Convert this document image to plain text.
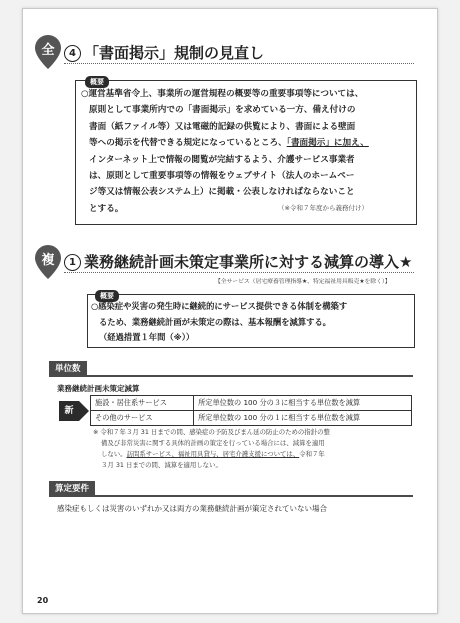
全	4 「書面掲示」規制の見直し
概要
○運営基準省令上、事業所の運営規程の概要等の重要事項等については、
原則として事業所内での「書面掲示」を求めている一方、備え付けの
書面（紙ファイル等）又は電磁的記録の供覧により、書面による壁面
等への掲示を代替できる規定になっているところ、「書面掲示」に加え、
インターネット上で情報の閲覧が完結するよう、介護サービス事業者
は、原則として重要事項等の情報をウェブサイト（法人のホームペー
ジ等又は情報公表システム上）に掲載・公表しなければならないこと
とする。	（※令和７年度から義務付け）
複	1 業務継続計画未策定事業所に対する減算の導入★
【全サービス（居宅療養管理指導★、特定福祉用具販売★を除く）】
概要
○感染症や災害の発生時に継続的にサービス提供できる体制を構築す
るため、業務継続計画が未策定の際は、基本報酬を減算する。
（経過措置１年間（※））
単位数
業務継続計画未策定減算
新
施設・居住系サービス	所定単位数の 100 分の３に相当する単位数を減算
その他のサービス	所定単位数の 100 分の１に相当する単位数を減算
※ 令和７年３月 31 日までの間、感染症の予防及びまん延の防止のための指針の整
備及び非常災害に関する具体的計画の策定を行っている場合には、減算を適用
しない。訪問系サービス、福祉用具貸与、居宅介護支援については、令和７年
３月 31 日までの間、減算を適用しない。
算定要件
感染症もしくは災害のいずれか又は両方の業務継続計画が策定されていない場合
20
